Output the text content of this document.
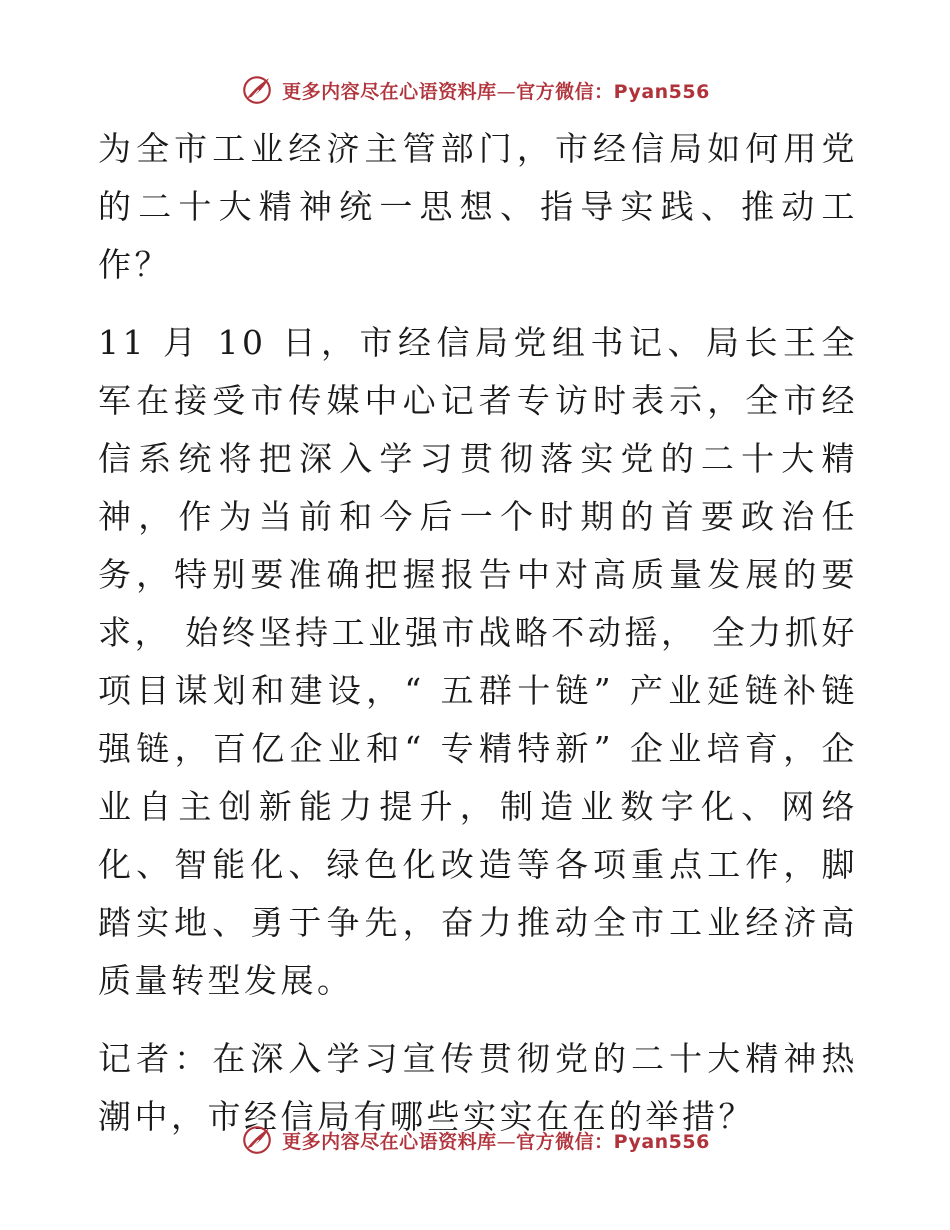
更多内容尽在心语资料库—官方微信：Pyan556

为全市工业经济主管部门，市经信局如何用党的二十大精神统一思想、指导实践、推动工作？

11 月 10 日，市经信局党组书记、局长王全军在接受市传媒中心记者专访时表示，全市经信系统将把深入学习贯彻落实党的二十大精神，作为当前和今后一个时期的首要政治任务，特别要准确把握报告中对高质量发展的要求， 始终坚持工业强市战略不动摇， 全力抓好项目谋划和建设，“ 五群十链” 产业延链补链强链，百亿企业和“ 专精特新” 企业培育，企业自主创新能力提升，制造业数字化、网络化、智能化、绿色化改造等各项重点工作，脚踏实地、勇于争先，奋力推动全市工业经济高质量转型发展。

记者：在深入学习宣传贯彻党的二十大精神热潮中，市经信局有哪些实实在在的举措？

更多内容尽在心语资料库—官方微信：Pyan556
